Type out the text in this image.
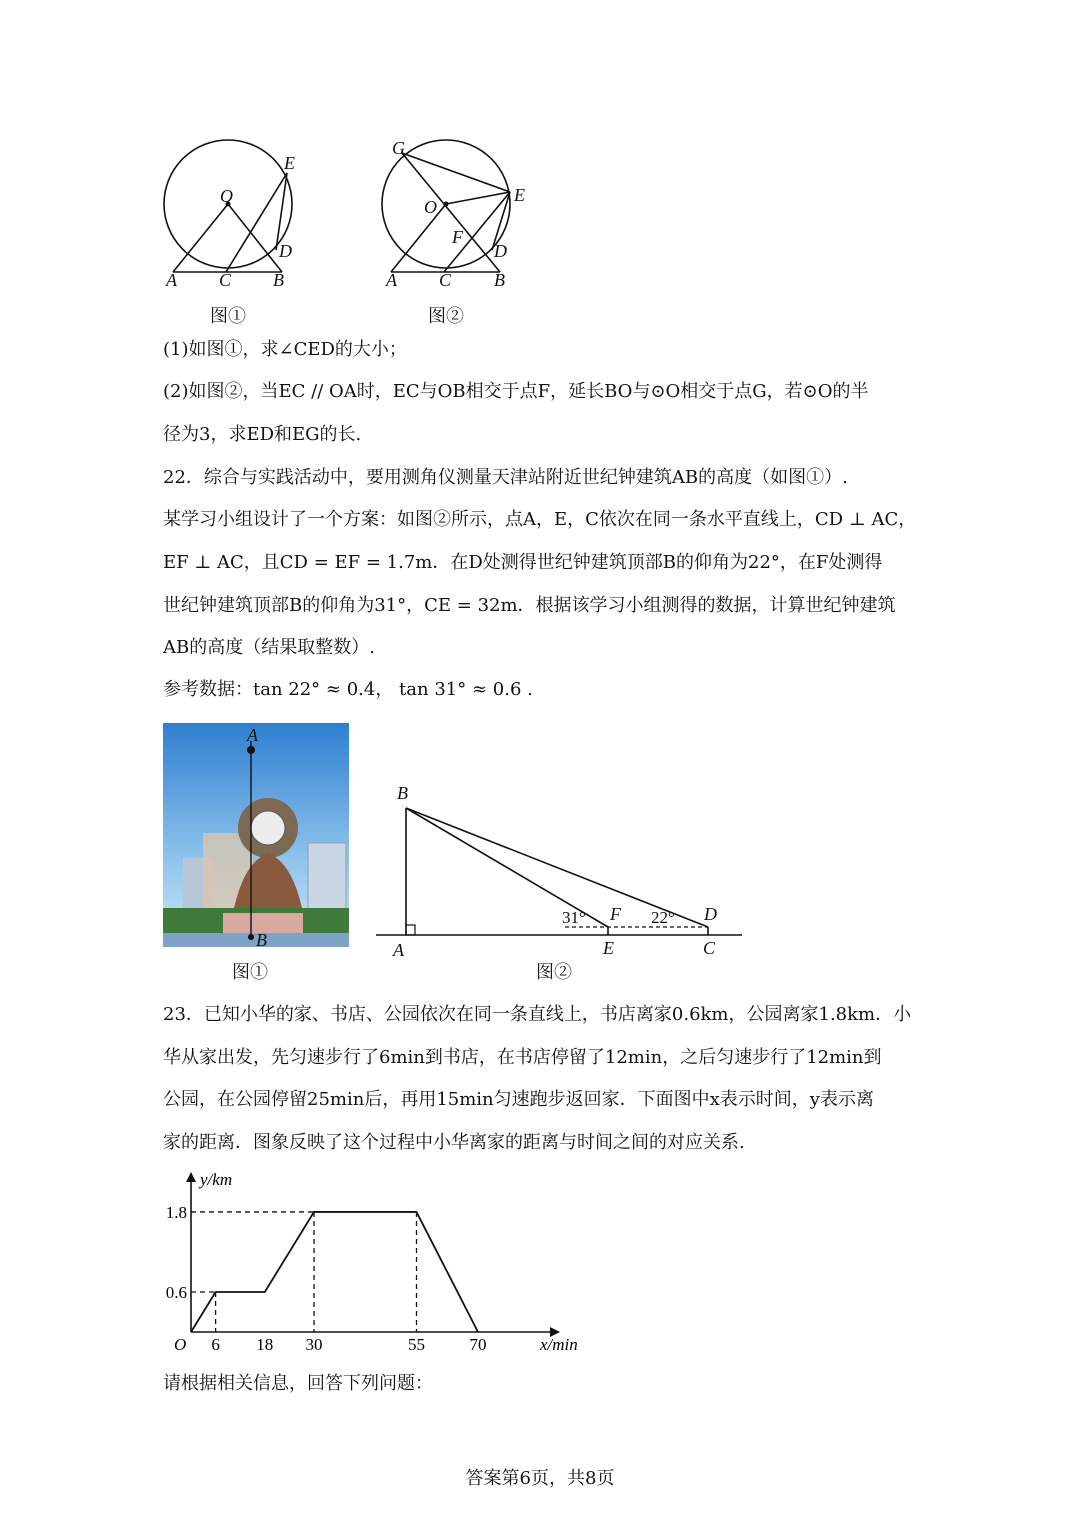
O
E
D
A C B
图①
G
O
E
F
D
A C B
图②
(1)如图①，求∠CED的大小；
(2)如图②，当EC // OA时，EC与OB相交于点F，延长BO与⊙O相交于点G，若⊙O的半
径为3，求ED和EG的长.
22．综合与实践活动中，要用测角仪测量天津站附近世纪钟建筑AB的高度（如图①）.
某学习小组设计了一个方案：如图②所示，点A，E，C依次在同一条水平直线上，CD ⊥ AC，
EF ⊥ AC，且CD = EF = 1.7m．在D处测得世纪钟建筑顶部B的仰角为22°，在F处测得
世纪钟建筑顶部B的仰角为31°，CE = 32m．根据该学习小组测得的数据，计算世纪钟建筑
AB的高度（结果取整数）.
参考数据：tan 22° ≈ 0.4， tan 31° ≈ 0.6 .
A
B
图①
B
A	E	C
F	D
31°	22°
图②
23．已知小华的家、书店、公园依次在同一条直线上，书店离家0.6km，公园离家1.8km．小
华从家出发，先匀速步行了6min到书店，在书店停留了12min，之后匀速步行了12min到
公园，在公园停留25min后，再用15min匀速跑步返回家．下面图中x表示时间，y表示离
家的距离．图象反映了这个过程中小华离家的距离与时间之间的对应关系.
6 18 30	55	70
0.6
1.8
y/km
x/min
O
请根据相关信息，回答下列问题：
答案第6页，共8页
